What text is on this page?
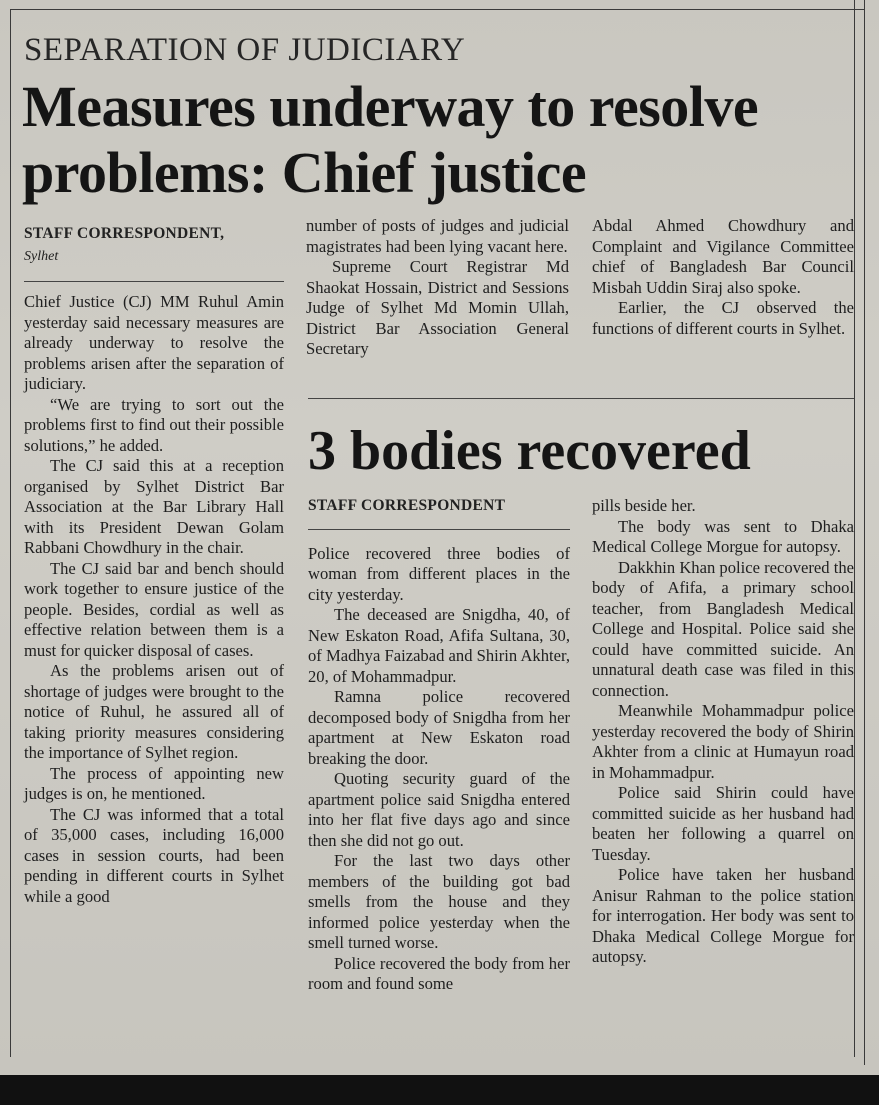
SEPARATION OF JUDICIARY
Measures underway to resolve problems: Chief justice
STAFF CORRESPONDENT,
Sylhet

Chief Justice (CJ) MM Ruhul Amin yesterday said necessary measures are already underway to resolve the problems arisen after the separation of judiciary.

“We are trying to sort out the problems first to find out their possible solutions,” he added.

The CJ said this at a reception organised by Sylhet District Bar Association at the Bar Library Hall with its President Dewan Golam Rabbani Chowdhury in the chair.

The CJ said bar and bench should work together to ensure justice of the people. Besides, cordial as well as effective relation between them is a must for quicker disposal of cases.

As the problems arisen out of shortage of judges were brought to the notice of Ruhul, he assured all of taking priority measures considering the importance of Sylhet region.

The process of appointing new judges is on, he mentioned.

The CJ was informed that a total of 35,000 cases, including 16,000 cases in session courts, had been pending in different courts in Sylhet while a good

number of posts of judges and judicial magistrates had been lying vacant here.

Supreme Court Registrar Md Shaokat Hossain, District and Sessions Judge of Sylhet Md Momin Ullah, District Bar Association General Secretary

Abdal Ahmed Chowdhury and Complaint and Vigilance Committee chief of Bangladesh Bar Council Misbah Uddin Siraj also spoke.

Earlier, the CJ observed the functions of different courts in Sylhet.

3 bodies recovered
STAFF CORRESPONDENT

Police recovered three bodies of woman from different places in the city yesterday.

The deceased are Snigdha, 40, of New Eskaton Road, Afifa Sultana, 30, of Madhya Faizabad and Shirin Akhter, 20, of Mohammadpur.

Ramna police recovered decomposed body of Snigdha from her apartment at New Eskaton road breaking the door.

Quoting security guard of the apartment police said Snigdha entered into her flat five days ago and since then she did not go out.

For the last two days other members of the building got bad smells from the house and they informed police yesterday when the smell turned worse.

Police recovered the body from her room and found some

pills beside her.

The body was sent to Dhaka Medical College Morgue for autopsy.

Dakkhin Khan police recovered the body of Afifa, a primary school teacher, from Bangladesh Medical College and Hospital. Police said she could have committed suicide. An unnatural death case was filed in this connection.

Meanwhile Mohammadpur police yesterday recovered the body of Shirin Akhter from a clinic at Humayun road in Mohammadpur.

Police said Shirin could have committed suicide as her husband had beaten her following a quarrel on Tuesday.

Police have taken her husband Anisur Rahman to the police station for interrogation. Her body was sent to Dhaka Medical College Morgue for autopsy.
